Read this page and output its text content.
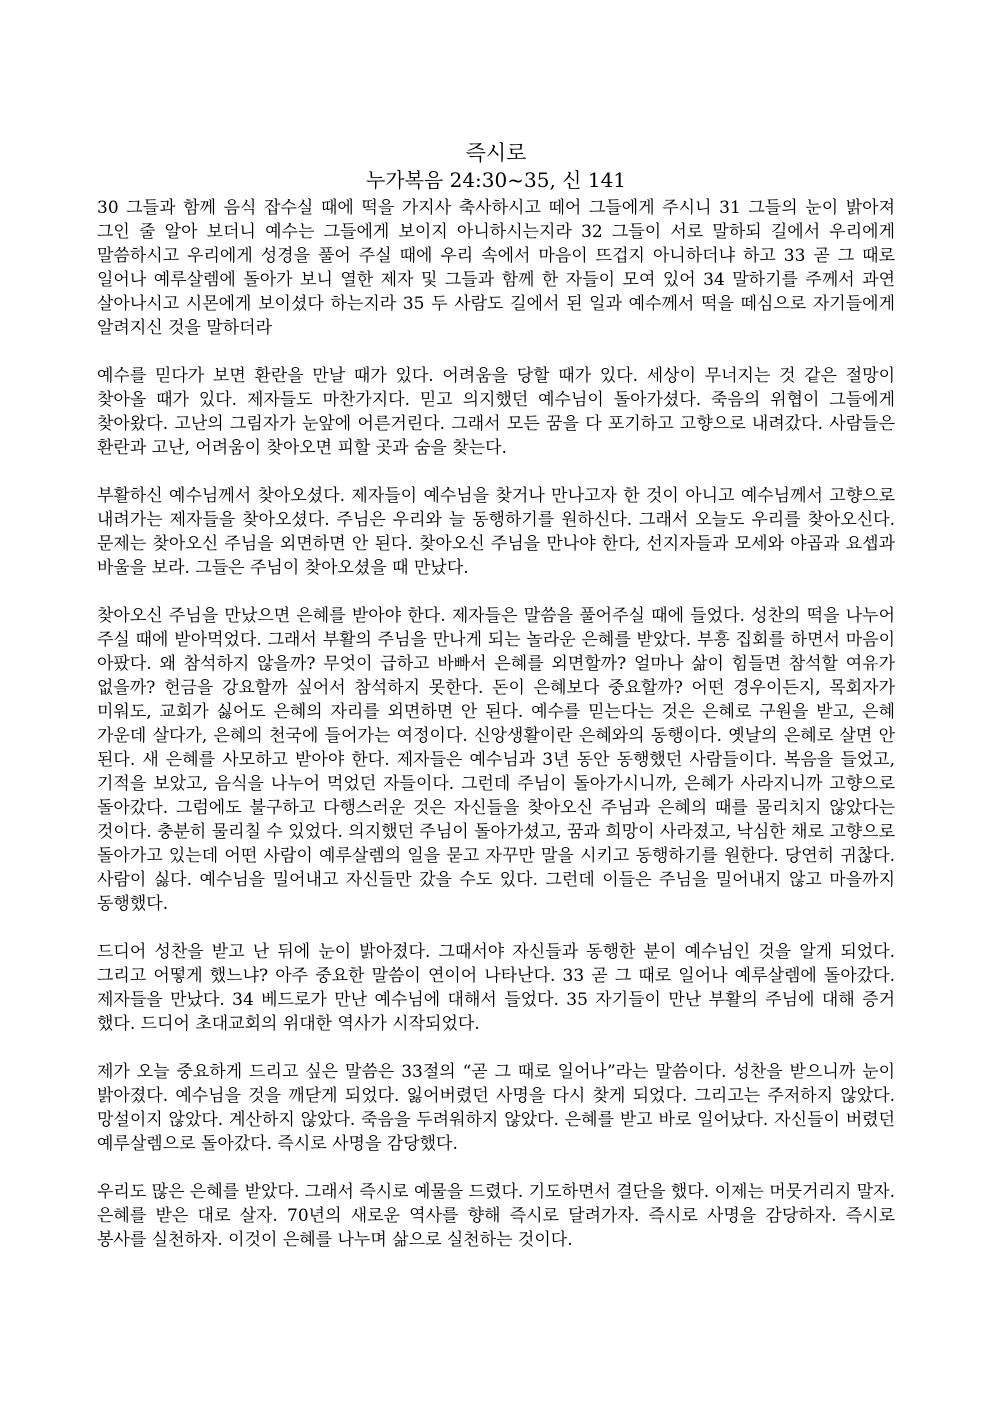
즉시로
누가복음 24:30~35, 신 141

30 그들과 함께 음식 잡수실 때에 떡을 가지사 축사하시고 떼어 그들에게 주시니 31 그들의 눈이 밝아져 그인 줄 알아 보더니 예수는 그들에게 보이지 아니하시는지라 32 그들이 서로 말하되 길에서 우리에게 말씀하시고 우리에게 성경을 풀어 주실 때에 우리 속에서 마음이 뜨겁지 아니하더냐 하고 33 곧 그 때로 일어나 예루살렘에 돌아가 보니 열한 제자 및 그들과 함께 한 자들이 모여 있어 34 말하기를 주께서 과연 살아나시고 시몬에게 보이셨다 하는지라 35 두 사람도 길에서 된 일과 예수께서 떡을 떼심으로 자기들에게 알려지신 것을 말하더라

예수를 믿다가 보면 환란을 만날 때가 있다. 어려움을 당할 때가 있다. 세상이 무너지는 것 같은 절망이 찾아올 때가 있다. 제자들도 마찬가지다. 믿고 의지했던 예수님이 돌아가셨다. 죽음의 위협이 그들에게 찾아왔다. 고난의 그림자가 눈앞에 어른거린다. 그래서 모든 꿈을 다 포기하고 고향으로 내려갔다. 사람들은 환란과 고난, 어려움이 찾아오면 피할 곳과 숨을 찾는다.

부활하신 예수님께서 찾아오셨다. 제자들이 예수님을 찾거나 만나고자 한 것이 아니고 예수님께서 고향으로 내려가는 제자들을 찾아오셨다. 주님은 우리와 늘 동행하기를 원하신다. 그래서 오늘도 우리를 찾아오신다. 문제는 찾아오신 주님을 외면하면 안 된다. 찾아오신 주님을 만나야 한다, 선지자들과 모세와 야곱과 요셉과 바울을 보라. 그들은 주님이 찾아오셨을 때 만났다.

찾아오신 주님을 만났으면 은혜를 받아야 한다. 제자들은 말씀을 풀어주실 때에 들었다. 성찬의 떡을 나누어 주실 때에 받아먹었다. 그래서 부활의 주님을 만나게 되는 놀라운 은혜를 받았다. 부흥 집회를 하면서 마음이 아팠다. 왜 참석하지 않을까? 무엇이 급하고 바빠서 은혜를 외면할까? 얼마나 삶이 힘들면 참석할 여유가 없을까? 헌금을 강요할까 싶어서 참석하지 못한다. 돈이 은혜보다 중요할까? 어떤 경우이든지, 목회자가 미워도, 교회가 싫어도 은혜의 자리를 외면하면 안 된다. 예수를 믿는다는 것은 은혜로 구원을 받고, 은혜 가운데 살다가, 은혜의 천국에 들어가는 여정이다. 신앙생활이란 은혜와의 동행이다. 옛날의 은혜로 살면 안 된다. 새 은혜를 사모하고 받아야 한다. 제자들은 예수님과 3년 동안 동행했던 사람들이다. 복음을 들었고, 기적을 보았고, 음식을 나누어 먹었던 자들이다. 그런데 주님이 돌아가시니까, 은혜가 사라지니까 고향으로 돌아갔다. 그럼에도 불구하고 다행스러운 것은 자신들을 찾아오신 주님과 은혜의 때를 물리치지 않았다는 것이다. 충분히 물리칠 수 있었다. 의지했던 주님이 돌아가셨고, 꿈과 희망이 사라졌고, 낙심한 채로 고향으로 돌아가고 있는데 어떤 사람이 예루살렘의 일을 묻고 자꾸만 말을 시키고 동행하기를 원한다. 당연히 귀찮다. 사람이 싫다. 예수님을 밀어내고 자신들만 갔을 수도 있다. 그런데 이들은 주님을 밀어내지 않고 마을까지 동행했다.

드디어 성찬을 받고 난 뒤에 눈이 밝아졌다. 그때서야 자신들과 동행한 분이 예수님인 것을 알게 되었다. 그리고 어떻게 했느냐? 아주 중요한 말씀이 연이어 나타난다. 33 곧 그 때로 일어나 예루살렘에 돌아갔다. 제자들을 만났다. 34 베드로가 만난 예수님에 대해서 들었다. 35 자기들이 만난 부활의 주님에 대해 증거 했다. 드디어 초대교회의 위대한 역사가 시작되었다.

제가 오늘 중요하게 드리고 싶은 말씀은 33절의 “곧 그 때로 일어나”라는 말씀이다. 성찬을 받으니까 눈이 밝아졌다. 예수님을 것을 깨닫게 되었다. 잃어버렸던 사명을 다시 찾게 되었다. 그리고는 주저하지 않았다. 망설이지 않았다. 계산하지 않았다. 죽음을 두려워하지 않았다. 은혜를 받고 바로 일어났다. 자신들이 버렸던 예루살렘으로 돌아갔다. 즉시로 사명을 감당했다.

우리도 많은 은혜를 받았다. 그래서 즉시로 예물을 드렸다. 기도하면서 결단을 했다. 이제는 머뭇거리지 말자. 은혜를 받은 대로 살자. 70년의 새로운 역사를 향해 즉시로 달려가자. 즉시로 사명을 감당하자. 즉시로 봉사를 실천하자. 이것이 은혜를 나누며 삶으로 실천하는 것이다.
